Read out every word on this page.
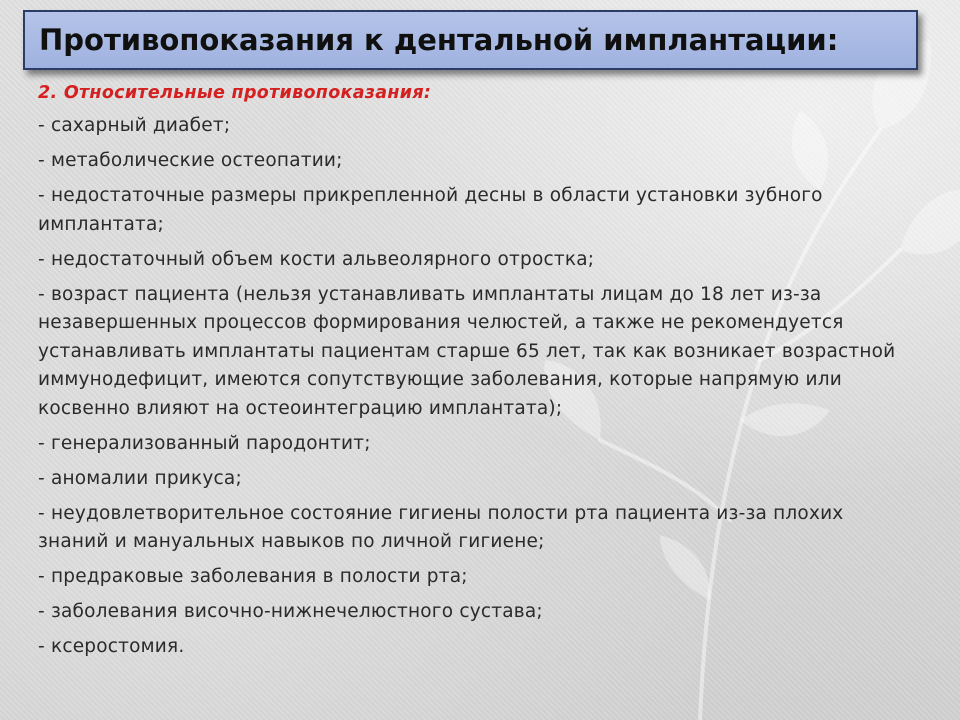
Противопоказания к дентальной имплантации:

2. Относительные противопоказания:

- сахарный диабет;
- метаболические остеопатии;
- недостаточные размеры прикрепленной десны в области установки зубного имплантата;
- недостаточный объем кости альвеолярного отростка;
- возраст пациента (нельзя устанавливать имплантаты лицам до 18 лет из-за незавершенных процессов формирования челюстей, а также не рекомендуется устанавливать имплантаты пациентам старше 65 лет, так как возникает возрастной иммунодефицит, имеются сопутствующие заболевания, которые напрямую или косвенно влияют на остеоинтеграцию имплантата);
- генерализованный пародонтит;
- аномалии прикуса;
- неудовлетворительное состояние гигиены полости рта пациента из-за плохих знаний и мануальных навыков по личной гигиене;
- предраковые заболевания в полости рта;
- заболевания височно-нижнечелюстного сустава;
- ксеростомия.
